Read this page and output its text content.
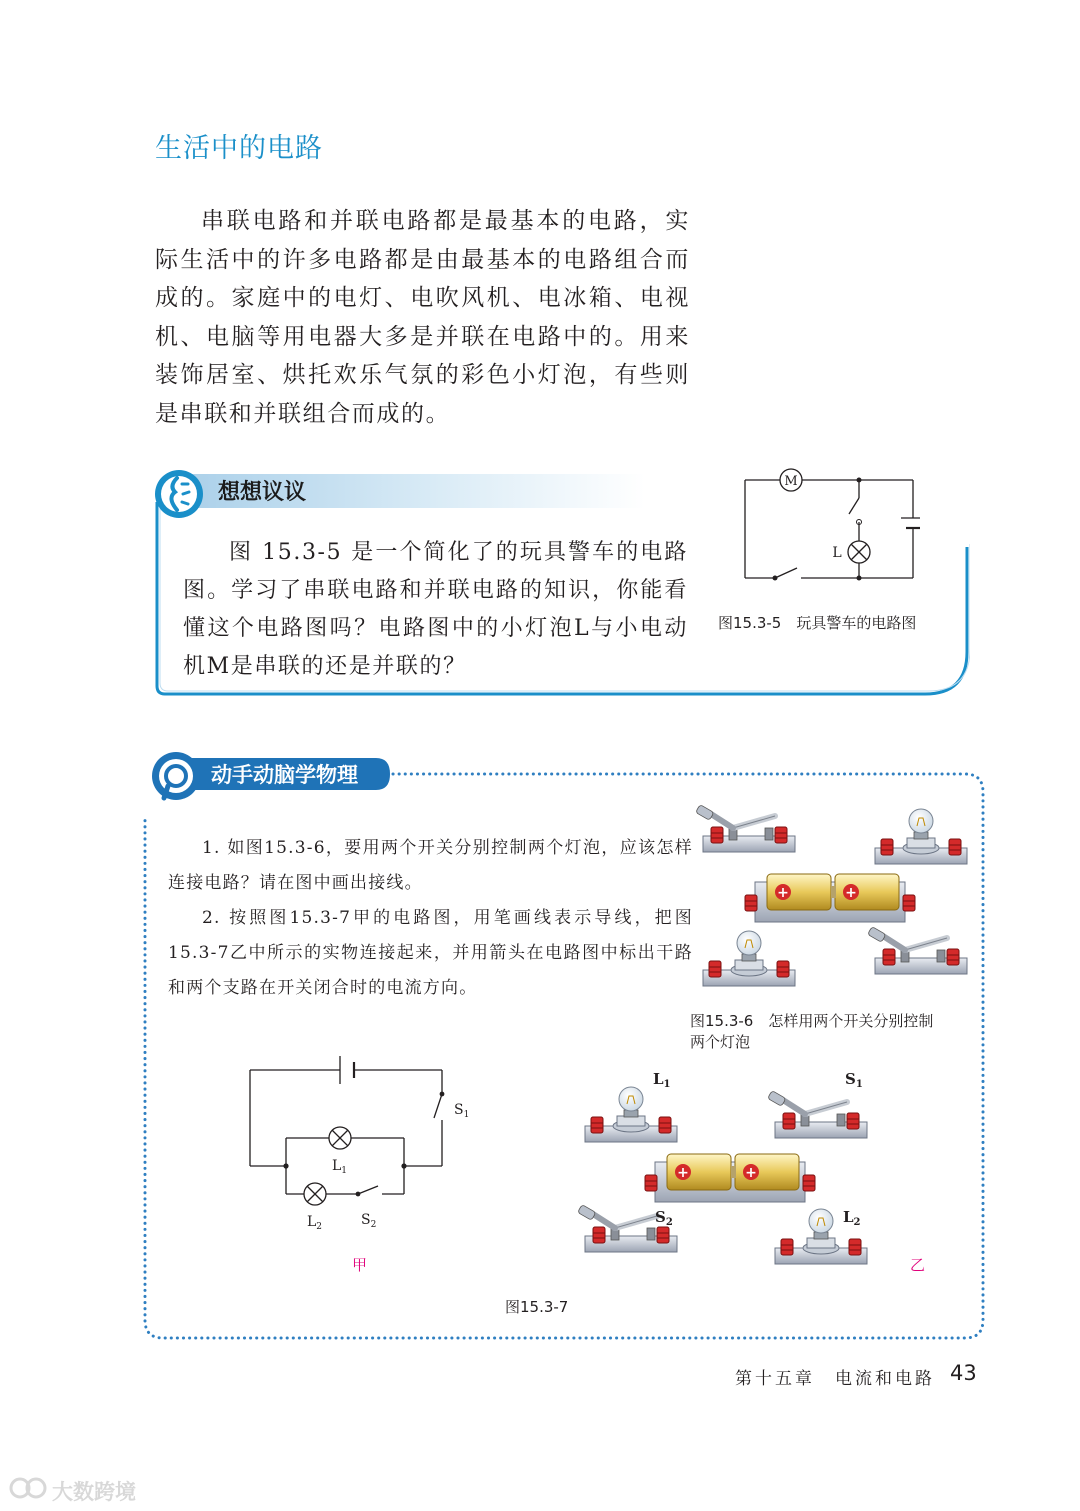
生活中的电路
串联电路和并联电路都是最基本的电路，实际生活中的许多电路都是由最基本的电路组合而成的。家庭中的电灯、电吹风机、电冰箱、电视机、电脑等用电器大多是并联在电路中的。用来装饰居室、烘托欢乐气氛的彩色小灯泡，有些则是串联和并联组合而成的。
想想议议
图 15.3-5 是一个简化了的玩具警车的电路图。学习了串联电路和并联电路的知识，你能看懂这个电路图吗？电路图中的小灯泡L与小电动机M是串联的还是并联的？
M
L
图15.3-5　玩具警车的电路图
动手动脑学物理
1. 如图15.3-6，要用两个开关分别控制两个灯泡，应该怎样连接电路？请在图中画出接线。
2. 按照图15.3-7甲的电路图，用笔画线表示导线，把图15.3-7乙中所示的实物连接起来，并用箭头在电路图中标出干路和两个支路在开关闭合时的电流方向。
图15.3-6　怎样用两个开关分别控制
两个灯泡
$S_1$
$L_1$
$L_2$	$S_2$
甲
$L_1$	$S_1$
$S_2$	$L_2$
乙
图15.3-7
第十五章　电流和电路 43
大数跨境
